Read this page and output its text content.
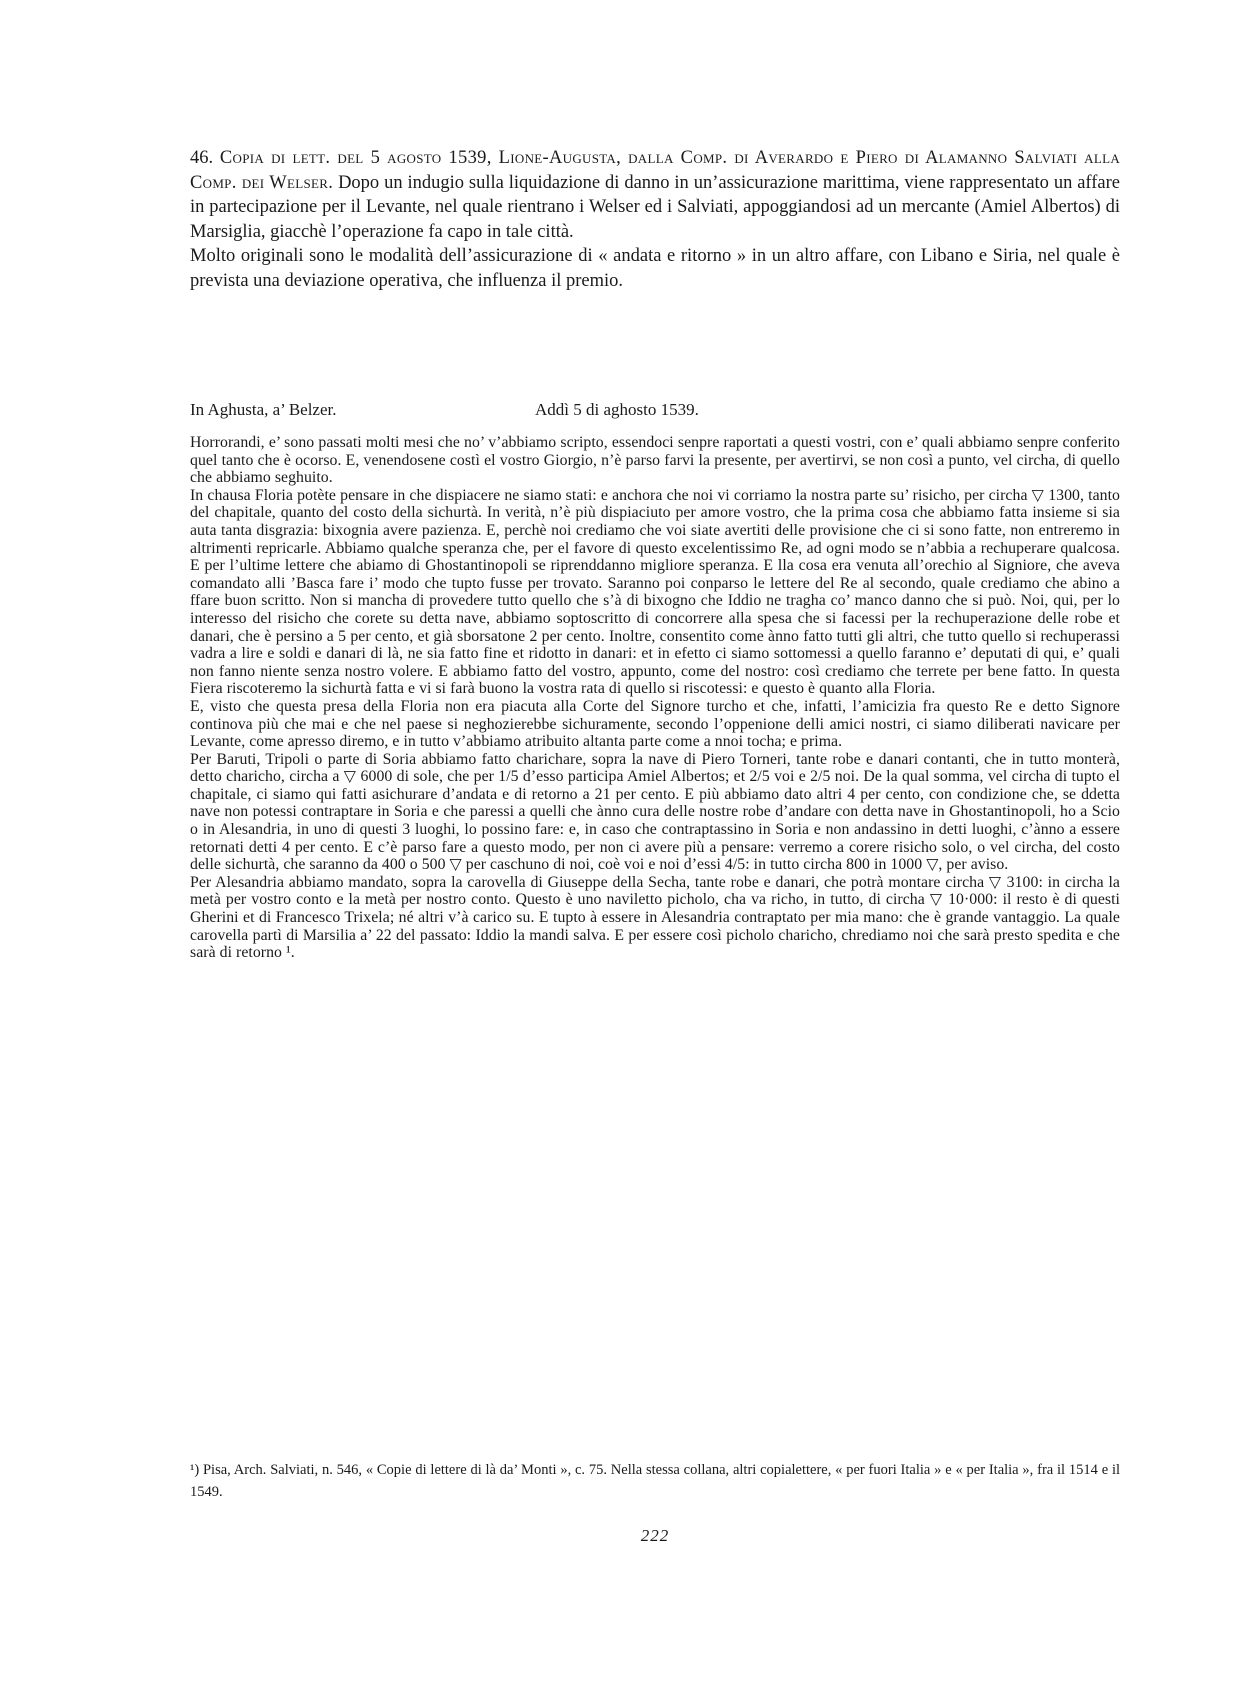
46. Copia di lett. del 5 agosto 1539, Lione-Augusta, dalla Comp. di Averardo e Piero di Alamanno Salviati alla Comp. dei Welser. Dopo un indugio sulla liquidazione di danno in un’assicurazione marittima, viene rappresentato un affare in partecipazione per il Levante, nel quale rientrano i Welser ed i Salviati, appoggiandosi ad un mercante (Amiel Albertos) di Marsiglia, giacchè l’operazione fa capo in tale città.

Molto originali sono le modalità dell’assicurazione di « andata e ritorno » in un altro affare, con Libano e Siria, nel quale è prevista una deviazione operativa, che influenza il premio.

In Aghusta, a’ Belzer.	Addì 5 di aghosto 1539.

Horrorandi, e’ sono passati molti mesi che no’ v’abbiamo scripto, essendoci senpre raportati a questi vostri, con e’ quali abbiamo senpre conferito quel tanto che è ocorso. E, venendosene costì el vostro Giorgio, n’è parso farvi la presente, per avertirvi, se non così a punto, vel circha, di quello che abbiamo seghuito.

In chausa Floria potète pensare in che dispiacere ne siamo stati: e anchora che noi vi corriamo la nostra parte su’ risicho, per circha ▽ 1300, tanto del chapitale, quanto del costo della sichurtà. In verità, n’è più dispiaciuto per amore vostro, che la prima cosa che abbiamo fatta insieme si sia auta tanta disgrazia: bixognia avere pazienza. E, perchè noi crediamo che voi siate avertiti delle provisione che ci si sono fatte, non entreremo in altrimenti repricarle. Abbiamo qualche speranza che, per el favore di questo excelentissimo Re, ad ogni modo se n’abbia a rechuperare qualcosa. E per l’ultime lettere che abiamo di Ghostantinopoli se riprenddanno migliore speranza. E lla cosa era venuta all’orechio al Signiore, che aveva comandato alli ’Basca fare i’ modo che tupto fusse per trovato. Saranno poi conparso le lettere del Re al secondo, quale crediamo che abino a ffare buon scritto. Non si mancha di provedere tutto quello che s’à di bixogno che Iddio ne tragha co’ manco danno che si può. Noi, qui, per lo interesso del risicho che corete su detta nave, abbiamo soptoscritto di concorrere alla spesa che si facessi per la rechuperazione delle robe et danari, che è persino a 5 per cento, et già sborsatone 2 per cento. Inoltre, consentito come ànno fatto tutti gli altri, che tutto quello si rechuperassi vadra a lire e soldi e danari di là, ne sia fatto fine et ridotto in danari: et in efetto ci siamo sottomessi a quello faranno e’ deputati di qui, e’ quali non fanno niente senza nostro volere. E abbiamo fatto del vostro, appunto, come del nostro: così crediamo che terrete per bene fatto. In questa Fiera riscoteremo la sichurtà fatta e vi si farà buono la vostra rata di quello si riscotessi: e questo è quanto alla Floria.

E, visto che questa presa della Floria non era piacuta alla Corte del Signore turcho et che, infatti, l’amicizia fra questo Re e detto Signore continova più che mai e che nel paese si neghozierebbe sichuramente, secondo l’oppenione delli amici nostri, ci siamo diliberati navicare per Levante, come apresso diremo, e in tutto v’abbiamo atribuito altanta parte come a nnoi tocha; e prima.

Per Baruti, Tripoli o parte di Soria abbiamo fatto charichare, sopra la nave di Piero Torneri, tante robe e danari contanti, che in tutto monterà, detto charicho, circha a ▽ 6000 di sole, che per 1/5 d’esso participa Amiel Albertos; et 2/5 voi e 2/5 noi. De la qual somma, vel circha di tupto el chapitale, ci siamo qui fatti asichurare d’andata e di retorno a 21 per cento. E più abbiamo dato altri 4 per cento, con condizione che, se ddetta nave non potessi contraptare in Soria e che paressi a quelli che ànno cura delle nostre robe d’andare con detta nave in Ghostantinopoli, ho a Scio o in Alesandria, in uno di questi 3 luoghi, lo possino fare: e, in caso che contraptassino in Soria e non andassino in detti luoghi, c’ànno a essere retornati detti 4 per cento. E c’è parso fare a questo modo, per non ci avere più a pensare: verremo a corere risicho solo, o vel circha, del costo delle sichurtà, che saranno da 400 o 500 ▽ per caschuno di noi, coè voi e noi d’essi 4/5: in tutto circha 800 in 1000 ▽, per aviso.

Per Alesandria abbiamo mandato, sopra la carovella di Giuseppe della Secha, tante robe e danari, che potrà montare circha ▽ 3100: in circha la metà per vostro conto e la metà per nostro conto. Questo è uno naviletto picholo, cha va richo, in tutto, di circha ▽ 10·000: il resto è di questi Gherini et di Francesco Trixela; né altri v’à carico su. E tupto à essere in Alesandria contraptato per mia mano: che è grande vantaggio. La quale carovella partì di Marsilia a’ 22 del passato: Iddio la mandi salva. E per essere così picholo charicho, chrediamo noi che sarà presto spedita e che sarà di retorno ¹.

¹) Pisa, Arch. Salviati, n. 546, « Copie di lettere di là da’ Monti », c. 75. Nella stessa collana, altri copialettere, « per fuori Italia » e « per Italia », fra il 1514 e il 1549.

222
